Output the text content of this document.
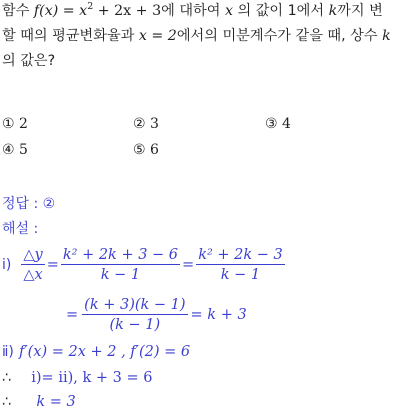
함수 $f(x) = x^2 + 2x + 3$에 대하여 x 의 값이 1에서 k까지 변
할 때의 평균변화율과 x = 2에서의 미분계수가 같을 때, 상수 k
의 값은?
① 2	② 3	③ 4
④ 5	⑤ 6
정답 : ②
해설 :
ⅰ) $\frac{\triangle y}{\triangle x} = \frac{\text{k² + 2k + 3 − 6}}{k - 1} = \frac{\text{k² + 2k − 3}}{k - 1}$
= $\frac{(k + 3)(k - 1)}{(k - 1)} = k + 3$
ⅱ) f′(x) = 2x + 2 , f′(2) = 6
∴ ⅰ)= ⅱ), k + 3 = 6
∴ k = 3
